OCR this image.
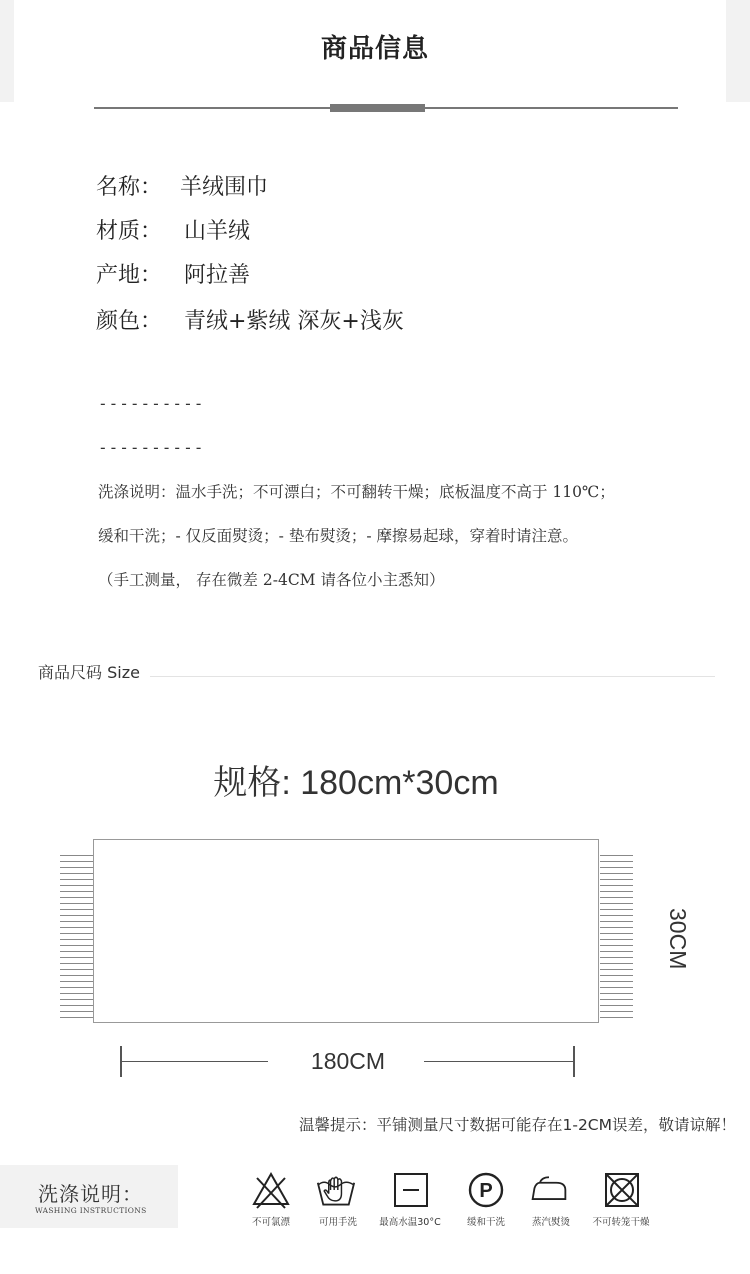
商品信息
名称： 羊绒围巾
材质： 山羊绒
产地： 阿拉善
颜色： 青绒+紫绒 深灰+浅灰
----------
----------
洗涤说明：温水手洗；不可漂白；不可翻转干燥；底板温度不高于 110℃；
缓和干洗；- 仅反面熨烫；- 垫布熨烫；- 摩擦易起球，穿着时请注意。
（手工测量， 存在微差 2-4CM 请各位小主悉知）
商品尺码 Size
规格: 180cm*30cm
30CM
180CM
温馨提示：平铺测量尺寸数据可能存在1-2CM误差，敬请谅解！
洗涤说明：
WASHING INSTRUCTIONS
不可氯漂	可用手洗 最高水温30°C
P
缓和干洗	蒸汽熨烫 不可转笼干燥
